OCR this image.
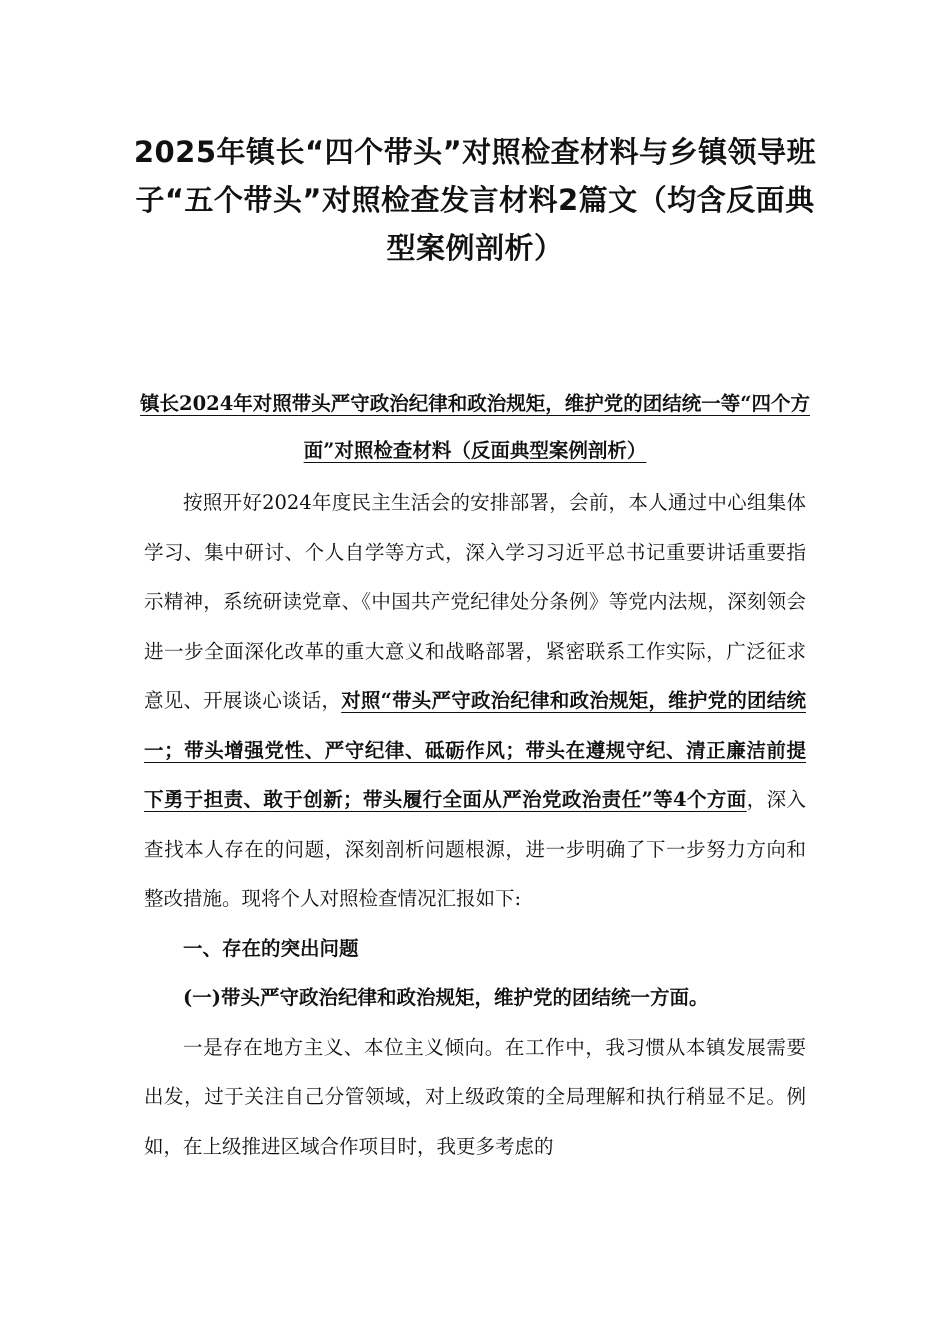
2025年镇长“四个带头”对照检查材料与乡镇领导班子“五个带头”对照检查发言材料2篇文（均含反面典型案例剖析）
镇长2024年对照带头严守政治纪律和政治规矩，维护党的团结统一等“四个方面”对照检查材料（反面典型案例剖析）

按照开好2024年度民主生活会的安排部署，会前，本人通过中心组集体学习、集中研讨、个人自学等方式，深入学习习近平总书记重要讲话重要指示精神，系统研读党章、《中国共产党纪律处分条例》等党内法规，深刻领会进一步全面深化改革的重大意义和战略部署，紧密联系工作实际，广泛征求意见、开展谈心谈话，对照“带头严守政治纪律和政治规矩，维护党的团结统一；带头增强党性、严守纪律、砥砺作风；带头在遵规守纪、清正廉洁前提下勇于担责、敢于创新；带头履行全面从严治党政治责任”等4个方面，深入查找本人存在的问题，深刻剖析问题根源，进一步明确了下一步努力方向和整改措施。现将个人对照检查情况汇报如下:

一、存在的突出问题

(一)带头严守政治纪律和政治规矩，维护党的团结统一方面。

一是存在地方主义、本位主义倾向。在工作中，我习惯从本镇发展需要出发，过于关注自己分管领域，对上级政策的全局理解和执行稍显不足。例如，在上级推进区域合作项目时，我更多考虑的
